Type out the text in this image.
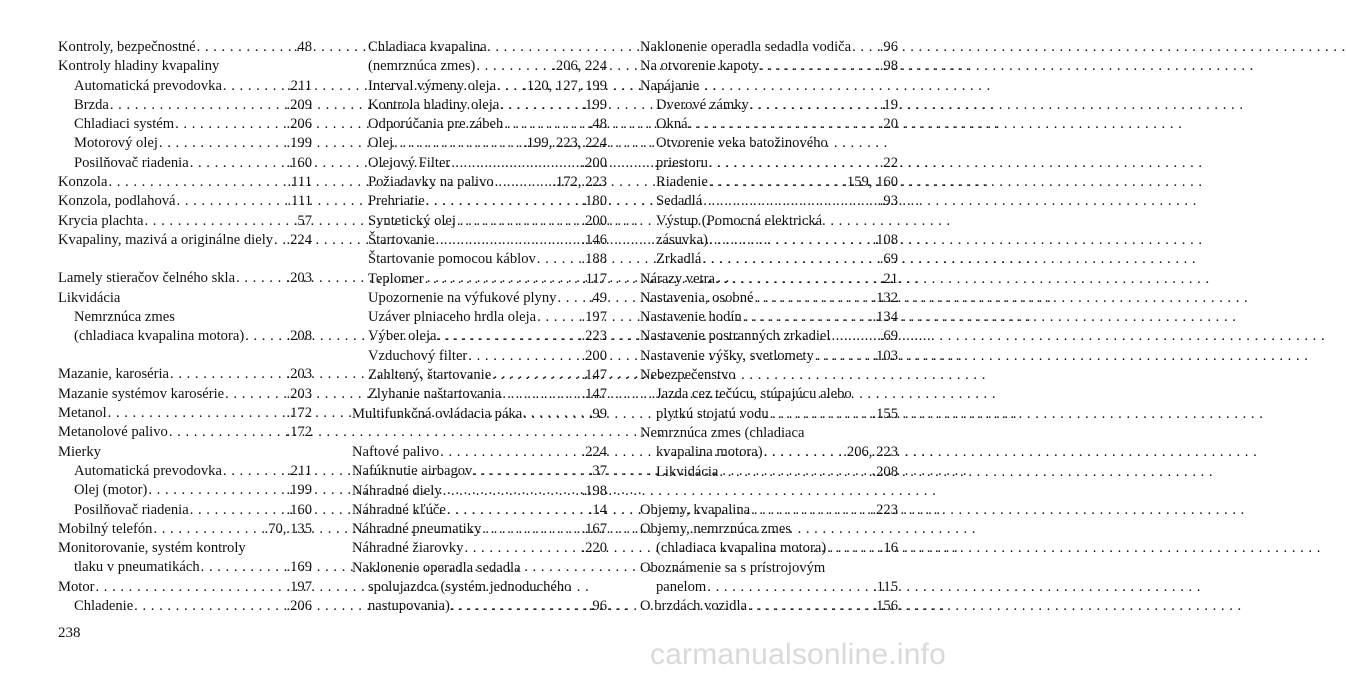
Kontroly, bezpečnostné . . .	.48
Kontroly hladiny kvapaliny
Automatická prevodovka . . .	.211
Brzda . . .	.209
Chladiaci systém . . .	.206
Motorový olej . . .	.199
Posilňovač riadenia . . .	.160
Konzola . . .	.111
Konzola, podlahová . . .	.111
Krycia plachta . . .	.57
Kvapaliny, mazivá a originálne diely . . . .224
Lamely stieračov čelného skla . . .	.203
Likvidácia
Nemrznúca zmes
(chladiaca kvapalina motora) . . .	.208
Mazanie, karoséria . . .	.203
Mazanie systémov karosérie . . .	.203
Metanol . . .	.172
Metanolové palivo . . .	.172
Mierky
Automatická prevodovka . . .	.211
Olej (motor) . . .	.199
Posilňovač riadenia . . .	.160
Mobilný telefón . . .	.70, 135
Monitorovanie, systém kontroly
tlaku v pneumatikách . . .	.169
Motor . . .	.197
Chladenie . . .	.206
Chladiaca kvapalina
(nemrznúca zmes) . . .	.206, 224
Interval výmeny oleja . . . .120, 127, 199
Kontrola hladiny oleja . . .	.199
Odporúčania pre zábeh . . .	.48
Olej . . .	.199, 223, 224
Olejový Filter . . .	.200
Požiadavky na palivo . . .	.172, 223
Prehriatie . . .	.180
Syntetický olej . . .	.200
Štartovanie . . .	.146
Štartovanie pomocou káblov . . .	.188
Teplomer . . .	.117
Upozornenie na výfukové plyny . . . .49
Uzáver plniaceho hrdla oleja . . .	.197
Výber oleja . . .	.223
Vzduchový filter . . .	.200
Zahltený, štartovanie . . .	.147
Zlyhanie naštartovania . . .	.147
Multifunkčná ovládacia páka . . .	.99
Naftové palivo . . .	.224
Nafúknutie airbagov . . .	.37
Náhradné diely . . .	.198
Náhradné kľúče . . .	.14
Náhradné pneumatiky . . .	.167
Náhradné žiarovky . . .	.220
Naklonenie operadla sedadla
spolujazdca (systém jednoduchého
nastupovania) . . .	.96
Naklonenie operadla sedadla vodiča . . . .96
Na otvorenie kapoty . . .	.98
Napájanie
Dverové zámky . . .	.19
Okná . . .	.20
Otvorenie veka batožinového
priestoru . . .	.22
Riadenie . . .	.159, 160
Sedadlá . . .	.93
Výstup (Pomocná elektrická
zásuvka) . . .	.108
Zrkadlá . . .	.69
Nárazy vetra . . .	.21
Nastavenia, osobné . . .	.132
Nastavenie hodín . . .	.134
Nastavenie postranných zrkadiel . . .	.69
Nastavenie výšky, svetlomety . . .	.103
Nebezpečenstvo
Jazda cez tečúcu, stúpajúcu alebo
plytkú stojatú vodu . . .	.155
Nemrznúca zmes (chladiaca
kvapalina motora) . . .	.206, 223
Likvidácia . . .	.208
Objemy, kvapalina . . .	.223
Objemy, nemrznúca zmes
(chladiaca kvapalina motora) . . .	.16
Oboznámenie sa s prístrojovým
panelom . . .	.115
O brzdách vozidla . . .	.156
238
carmanualsonline.info
